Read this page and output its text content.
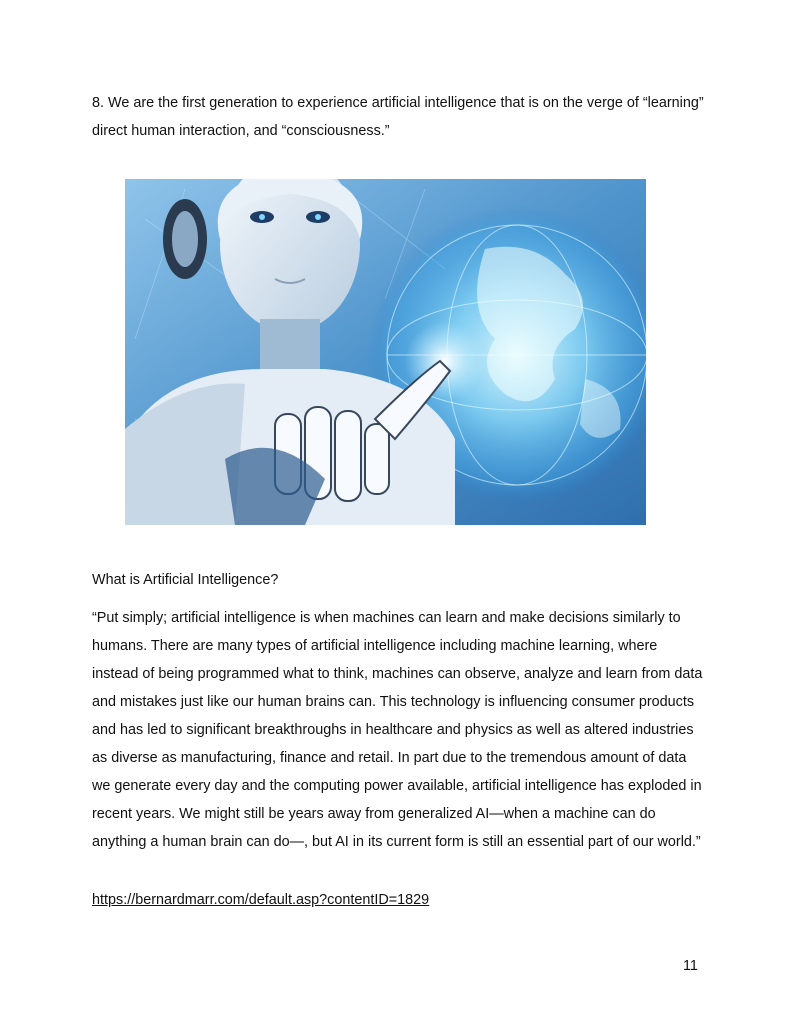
8. We are the first generation to experience artificial intelligence that is on the verge of “learning” direct human interaction, and “consciousness.”

What is Artificial Intelligence?

“Put simply; artificial intelligence is when machines can learn and make decisions similarly to humans. There are many types of artificial intelligence including machine learning, where instead of being programmed what to think, machines can observe, analyze and learn from data and mistakes just like our human brains can. This technology is influencing consumer products and has led to significant breakthroughs in healthcare and physics as well as altered industries as diverse as manufacturing, finance and retail. In part due to the tremendous amount of data we generate every day and the computing power available, artificial intelligence has exploded in recent years. We might still be years away from generalized AI—when a machine can do anything a human brain can do—, but AI in its current form is still an essential part of our world.”

https://bernardmarr.com/default.asp?contentID=1829
11
